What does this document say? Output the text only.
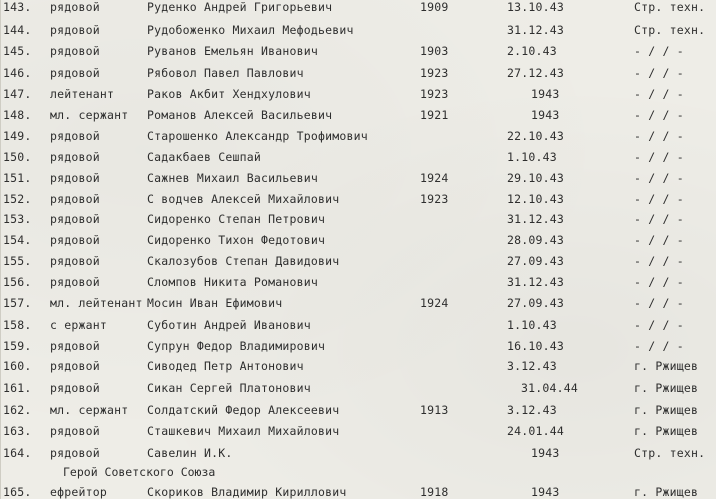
143. рядовой	Руденко Андрей Григорьевич	1909	13.10.43	Стр. техн.
144. рядовой	Рудобоженко Михаил Мефодьевич	31.12.43	Стр. техн.
145. рядовой	Руванов Емельян Иванович	1903	2.10.43	- / / -
146. рядовой	Рябовол Павел Павлович	1923	27.12.43	- / / -
147. лейтенант	Раков Акбит Хендхулович	1923	1943	- / / -
148. мл. сержант Романов Алексей Васильевич	1921	1943	- / / -
149. рядовой	Старошенко Александр Трофимович	22.10.43	- / / -
150. рядовой	Садакбаев Сешпай	1.10.43	- / / -
151. рядовой	Сажнев Михаил Васильевич	1924	29.10.43	- / / -
152. рядовой	С водчев Алексей Михайлович	1923	12.10.43	- / / -
153. рядовой	Сидоренко Степан Петрович	31.12.43	- / / -
154. рядовой	Сидоренко Тихон Федотович	28.09.43	- / / -
155. рядовой	Скалозубов Степан Давидович	27.09.43	- / / -
156. рядовой	Сломпов Никита Романович	31.12.43	- / / -
157. мл. лейтенант Мосин Иван Ефимович	1924	27.09.43	- / / -
158. с ержант	Суботин Андрей Иванович	1.10.43	- / / -
159. рядовой	Супрун Федор Владимирович	16.10.43	- / / -
160. рядовой	Сиводед Петр Антонович	3.12.43	г. Ржищев
161. рядовой	Сикан Сергей Платонович	31.04.44	г. Ржищев
162. мл. сержант Солдатский Федор Алексеевич	1913	3.12.43	г. Ржищев
163. рядовой	Сташкевич Михаил Михайлович	24.01.44	г. Ржищев
164. рядовой	Савелин И.К.	1943	Стр. техн.
165. ефрейтор	Скориков Владимир Кириллович	1918	1943	г. Ржищев
Герой Советского Союза
